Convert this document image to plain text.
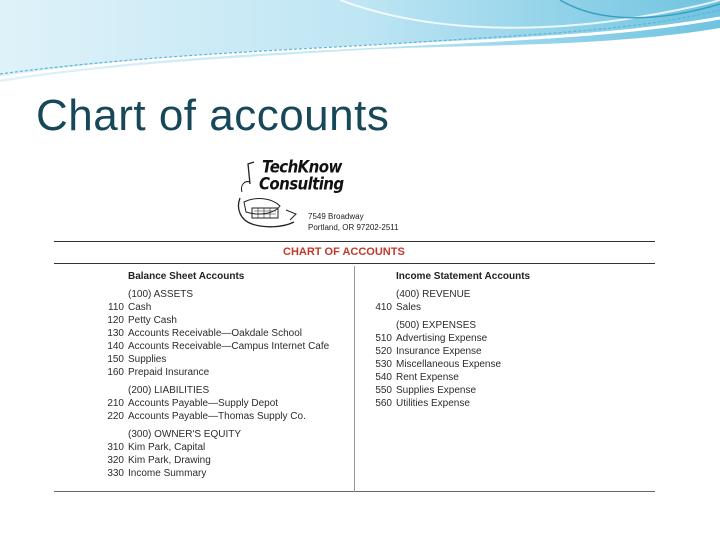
Chart of accounts
TechKnow
Consulting
7549 Broadway
Portland, OR 97202-2511
CHART OF ACCOUNTS
Balance Sheet Accounts	Income Statement Accounts
(100) ASSETS
110 Cash
120 Petty Cash
130 Accounts Receivable—Oakdale School
140 Accounts Receivable—Campus Internet Cafe
150 Supplies
160 Prepaid Insurance
(200) LIABILITIES
210 Accounts Payable—Supply Depot
220 Accounts Payable—Thomas Supply Co.
(300) OWNER'S EQUITY
310 Kim Park, Capital
320 Kim Park, Drawing
330 Income Summary
(400) REVENUE
410 Sales
(500) EXPENSES
510 Advertising Expense
520 Insurance Expense
530 Miscellaneous Expense
540 Rent Expense
550 Supplies Expense
560 Utilities Expense
